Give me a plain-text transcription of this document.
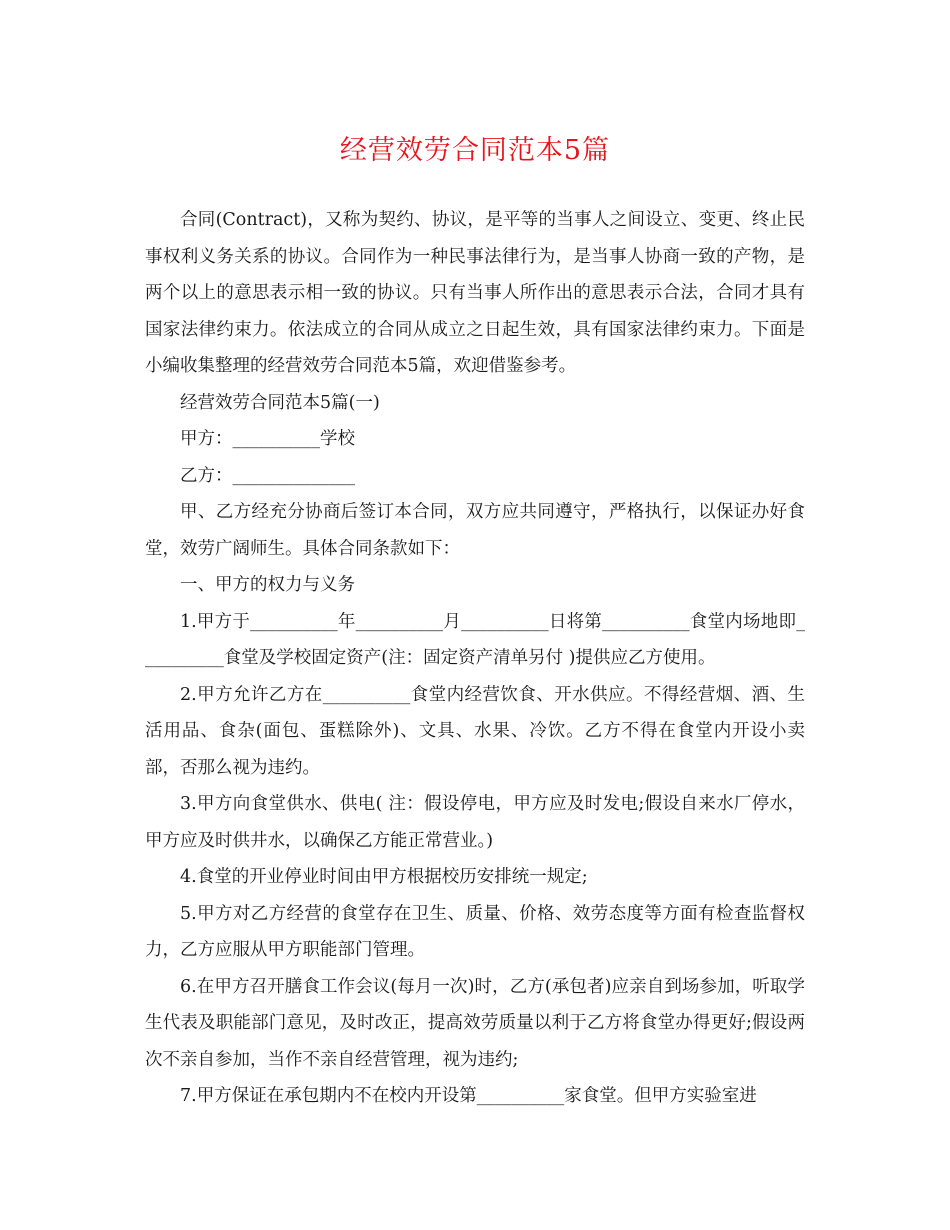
经营效劳合同范本5篇

合同(Contract)，又称为契约、协议，是平等的当事人之间设立、变更、终止民事权利义务关系的协议。合同作为一种民事法律行为，是当事人协商一致的产物，是两个以上的意思表示相一致的协议。只有当事人所作出的意思表示合法，合同才具有国家法律约束力。依法成立的合同从成立之日起生效，具有国家法律约束力。下面是小编收集整理的经营效劳合同范本5篇，欢迎借鉴参考。

经营效劳合同范本5篇(一)

甲方：__________学校

乙方：______________

甲、乙方经充分协商后签订本合同，双方应共同遵守，严格执行，以保证办好食堂，效劳广阔师生。具体合同条款如下：

一、甲方的权力与义务

1.甲方于__________年__________月__________日将第__________食堂内场地即__________食堂及学校固定资产(注：固定资产清单另付 )提供应乙方使用。

2.甲方允许乙方在__________食堂内经营饮食、开水供应。不得经营烟、酒、生活用品、食杂(面包、蛋糕除外)、文具、水果、冷饮。乙方不得在食堂内开设小卖部，否那么视为违约。

3.甲方向食堂供水、供电( 注：假设停电，甲方应及时发电;假设自来水厂停水，甲方应及时供井水，以确保乙方能正常营业。)

4.食堂的开业停业时间由甲方根据校历安排统一规定;

5.甲方对乙方经营的食堂存在卫生、质量、价格、效劳态度等方面有检查监督权力，乙方应服从甲方职能部门管理。

6.在甲方召开膳食工作会议(每月一次)时，乙方(承包者)应亲自到场参加，听取学生代表及职能部门意见，及时改正，提高效劳质量以利于乙方将食堂办得更好;假设两次不亲自参加，当作不亲自经营管理，视为违约;

7.甲方保证在承包期内不在校内开设第__________家食堂。但甲方实验室进
